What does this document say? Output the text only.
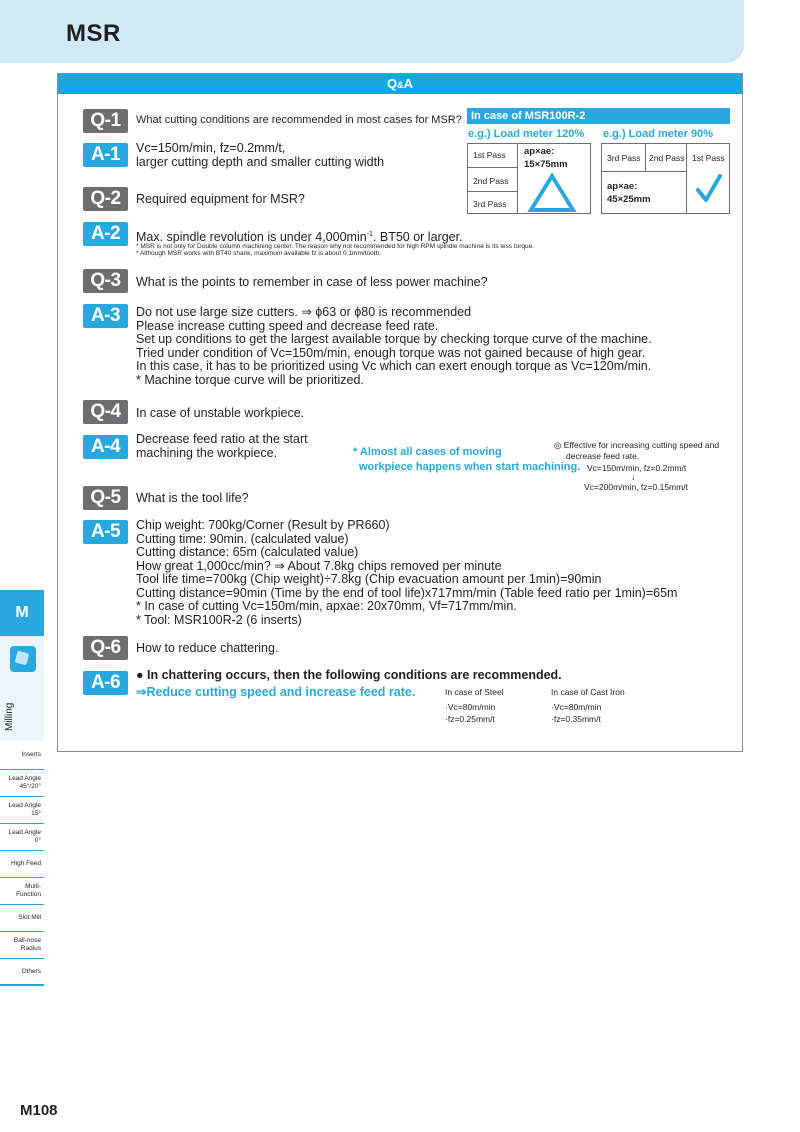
MSR
Q&A
Q-1	What cutting conditions are recommended in most cases for MSR?
A-1	Vc=150m/min, fz=0.2mm/t,
larger cutting depth and smaller cutting width
In case of MSR100R-2
e.g.) Load meter 120% e.g.) Load meter 90%
1st Pass
2nd Pass
3rd Pass
ap×ae:
15×75mm
3rd Pass 2nd Pass 1st Pass
ap×ae:
45×25mm
Q-2	Required equipment for MSR?
A-2	Max. spindle revolution is under $4,000\min^{-1}$. BT50 or larger.
* MSR is not only for Double column machining center. The reason why not recommended for high RPM spindle machine is its less torque.
* Although MSR works with BT40 shank, maximum available fz is about 0.1mm/tooth.
Q-3	What is the points to remember in case of less power machine?
A-3	Do not use large size cutters. ⇒ ϕ63 or ϕ80 is recommended
Please increase cutting speed and decrease feed rate.
Set up conditions to get the largest available torque by checking torque curve of the machine.
Tried under condition of Vc=150m/min, enough torque was not gained because of high gear.
In this case, it has to be prioritized using Vc which can exert enough torque as Vc=120m/min.
* Machine torque curve will be prioritized.
Q-4	In case of unstable workpiece.
A-4	Decrease feed ratio at the start
machining the workpiece.	* Almost all cases of moving
workpiece happens when start machining.
◎ Effective for increasing cutting speed and
decrease feed rate.
Vc=150m/min, fz=0.2mm/t
↓
Vc=200m/min, fz=0.15mm/t
Q-5	What is the tool life?
A-5	Chip weight: 700kg/Corner (Result by PR660)
Cutting time: 90min. (calculated value)
Cutting distance: 65m (calculated value)
How great 1,000cc/min? ⇒ About 7.8kg chips removed per minute
Tool life time=700kg (Chip weight)÷7.8kg (Chip evacuation amount per 1min)=90min
Cutting distance=90min (Time by the end of tool life)x717mm/min (Table feed ratio per 1min)=65m
* In case of cutting Vc=150m/min, apxae: 20x70mm, Vf=717mm/min.
* Tool: MSR100R-2 (6 inserts)
Q-6	How to reduce chattering.
A-6	● In chattering occurs, then the following conditions are recommended.
⇒Reduce cutting speed and increase feed rate.	In case of Steel
·Vc=80m/min
·fz=0.25mm/t
In case of Cast Iron
·Vc=80m/min
·fz=0.35mm/t
M
Milling
Inserts
Lead Angle
45°/20°
Lead Angle
15°
Lead Angle
0°
High Feed
Multi-
Function
Slot Mill
Ball-nose
Radius
Others
M108
